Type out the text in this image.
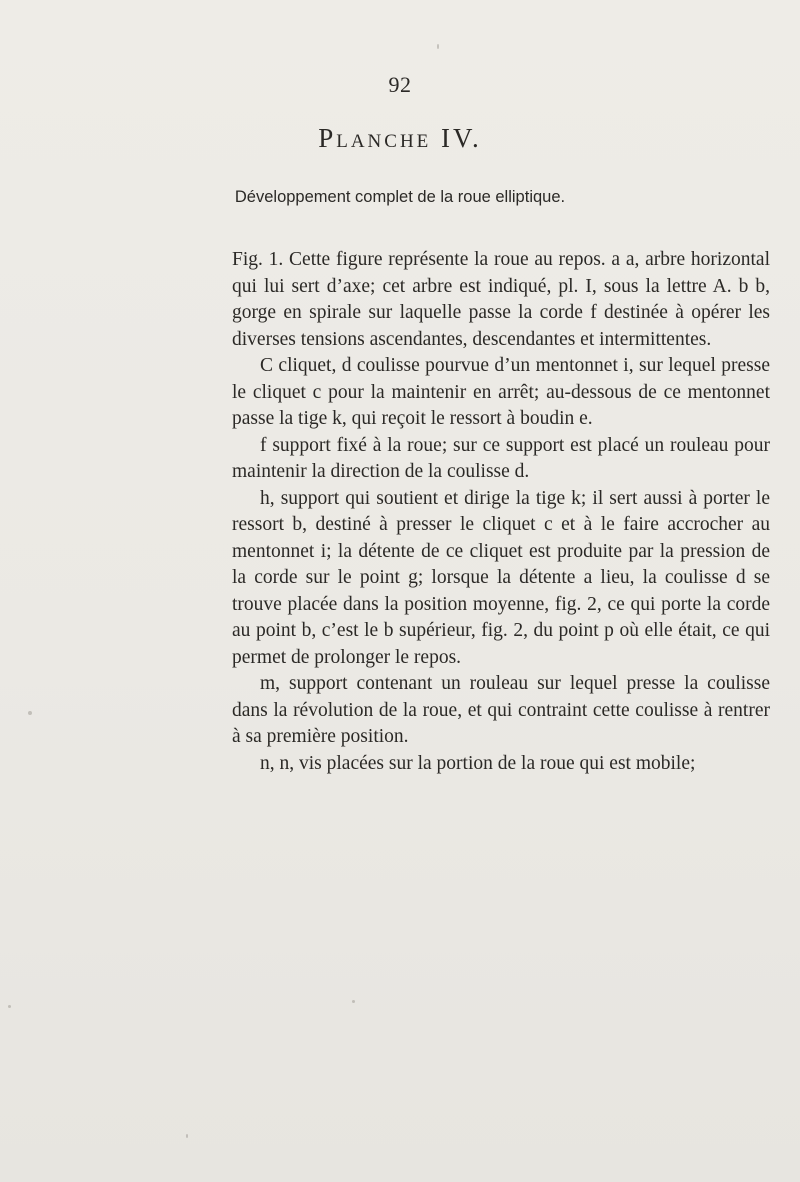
92
Planche IV.
Développement complet de la roue elliptique.

Fig. 1. Cette figure représente la roue au repos. a a, arbre horizontal qui lui sert d’axe; cet arbre est indiqué, pl. I, sous la lettre A. b b, gorge en spirale sur laquelle passe la corde f destinée à opérer les diverses tensions ascendantes, descendantes et intermittentes.

C cliquet, d coulisse pourvue d’un mentonnet i, sur lequel presse le cliquet c pour la maintenir en arrêt; au-dessous de ce mentonnet passe la tige k, qui reçoit le ressort à boudin e.

f support fixé à la roue; sur ce support est placé un rouleau pour maintenir la direction de la coulisse d.

h, support qui soutient et dirige la tige k; il sert aussi à porter le ressort b, destiné à presser le cliquet c et à le faire accrocher au mentonnet i; la détente de ce cliquet est produite par la pression de la corde sur le point g; lorsque la détente a lieu, la coulisse d se trouve placée dans la position moyenne, fig. 2, ce qui porte la corde au point b, c’est le b supérieur, fig. 2, du point p où elle était, ce qui permet de prolonger le repos.

m, support contenant un rouleau sur lequel presse la coulisse dans la révolution de la roue, et qui contraint cette coulisse à rentrer à sa première position.

n, n, vis placées sur la portion de la roue qui est mobile;
